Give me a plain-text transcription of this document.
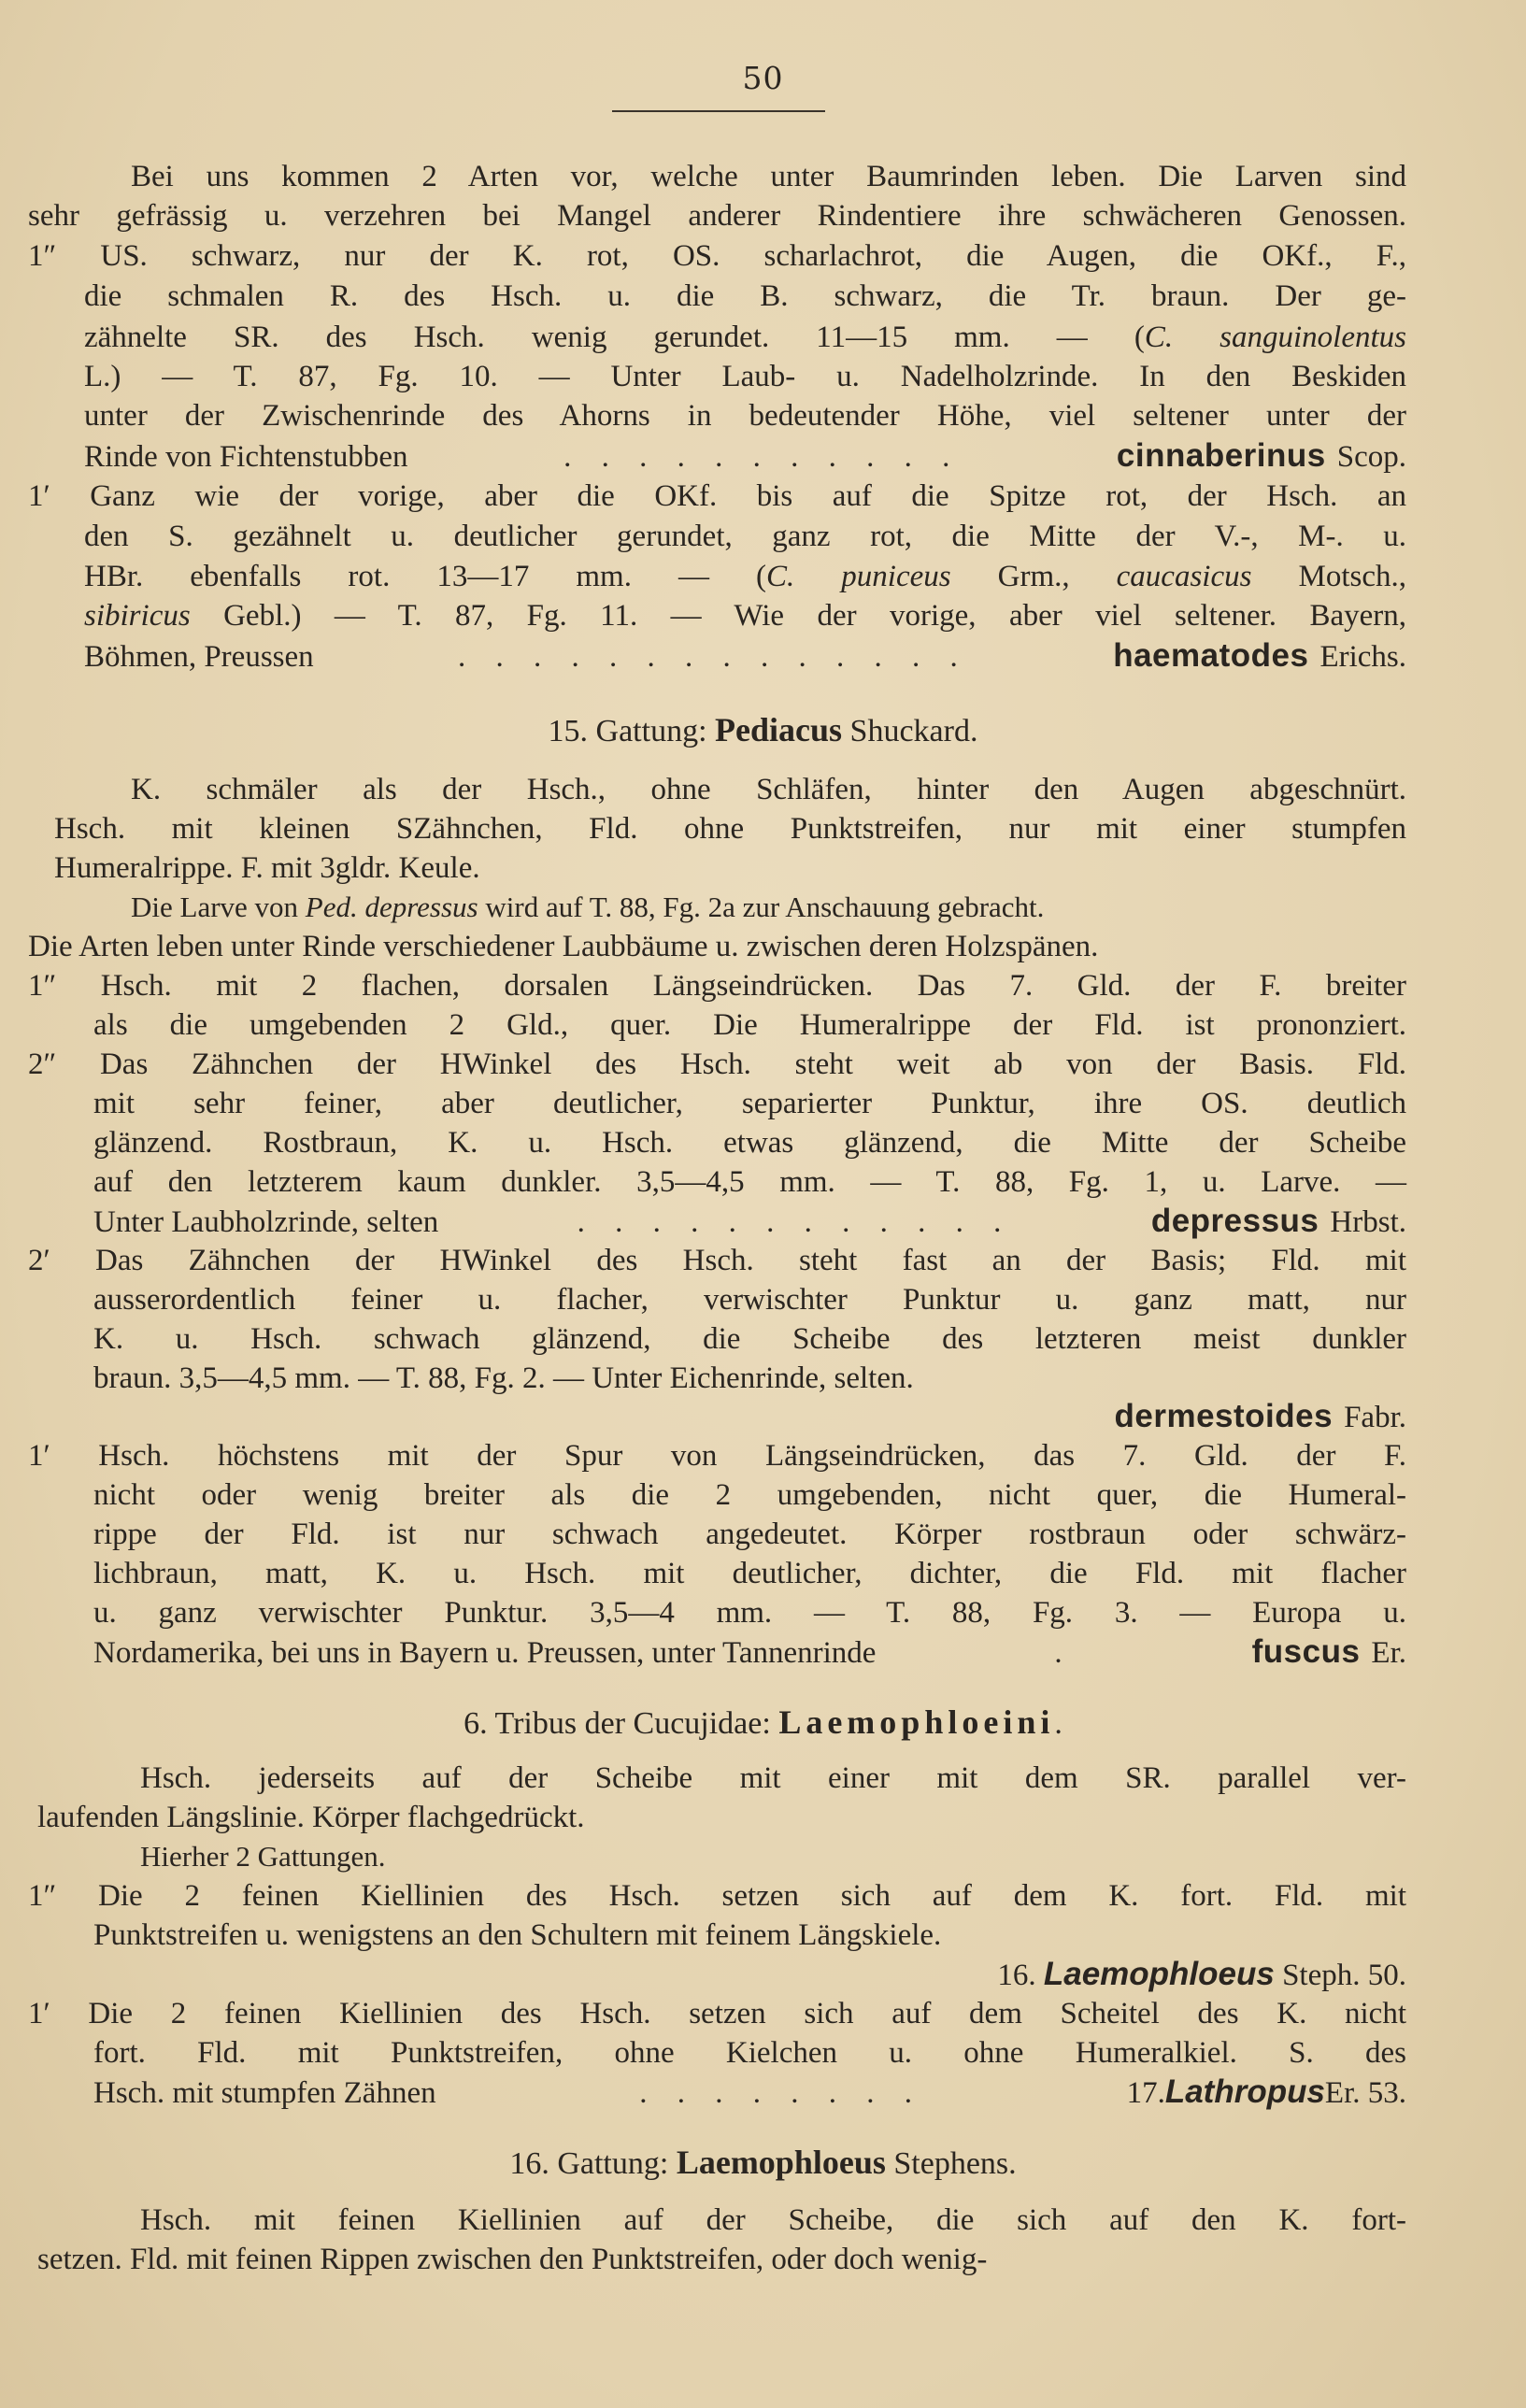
50
Bei uns kommen 2 Arten vor, welche unter Baumrinden leben. Die Larven sind
sehr gefrässig u. verzehren bei Mangel anderer Rindentiere ihre schwächeren Genossen.
1″ US. schwarz, nur der K. rot, OS. scharlachrot, die Augen, die OKf., F.,
die schmalen R. des Hsch. u. die B. schwarz, die Tr. braun. Der ge-
zähnelte SR. des Hsch. wenig gerundet. 11—15 mm. — (C. sanguinolentus
L.) — T. 87, Fg. 10. — Unter Laub- u. Nadelholzrinde. In den Beskiden
unter der Zwischenrinde des Ahorns in bedeutender Höhe, viel seltener unter der
Rinde von Fichtenstubben	. . . . . . . . . . .	cinnaberinus Scop.
1′ Ganz wie der vorige, aber die OKf. bis auf die Spitze rot, der Hsch. an
den S. gezähnelt u. deutlicher gerundet, ganz rot, die Mitte der V.-, M-. u.
HBr. ebenfalls rot. 13—17 mm. — (C. puniceus Grm., caucasicus Motsch.,
sibiricus Gebl.) — T. 87, Fg. 11. — Wie der vorige, aber viel seltener. Bayern,
Böhmen, Preussen	. . . . . . . . . . . . . .	haematodes Erichs.
15. Gattung: Pediacus Shuckard.
K. schmäler als der Hsch., ohne Schläfen, hinter den Augen abgeschnürt.
Hsch. mit kleinen SZähnchen, Fld. ohne Punktstreifen, nur mit einer stumpfen
Humeralrippe. F. mit 3gldr. Keule.
Die Larve von Ped. depressus wird auf T. 88, Fg. 2a zur Anschauung gebracht.
Die Arten leben unter Rinde verschiedener Laubbäume u. zwischen deren Holzspänen.
1″ Hsch. mit 2 flachen, dorsalen Längseindrücken. Das 7. Gld. der F. breiter
als die umgebenden 2 Gld., quer. Die Humeralrippe der Fld. ist prononziert.
2″ Das Zähnchen der HWinkel des Hsch. steht weit ab von der Basis. Fld.
mit sehr feiner, aber deutlicher, separierter Punktur, ihre OS. deutlich
glänzend. Rostbraun, K. u. Hsch. etwas glänzend, die Mitte der Scheibe
auf den letzterem kaum dunkler. 3,5—4,5 mm. — T. 88, Fg. 1, u. Larve. —
Unter Laubholzrinde, selten	. . . . . . . . . . . .	depressus Hrbst.
2′ Das Zähnchen der HWinkel des Hsch. steht fast an der Basis; Fld. mit
ausserordentlich feiner u. flacher, verwischter Punktur u. ganz matt, nur
K. u. Hsch. schwach glänzend, die Scheibe des letzteren meist dunkler
braun. 3,5—4,5 mm. — T. 88, Fg. 2. — Unter Eichenrinde, selten.
dermestoides Fabr.
1′ Hsch. höchstens mit der Spur von Längseindrücken, das 7. Gld. der F.
nicht oder wenig breiter als die 2 umgebenden, nicht quer, die Humeral-
rippe der Fld. ist nur schwach angedeutet. Körper rostbraun oder schwärz-
lichbraun, matt, K. u. Hsch. mit deutlicher, dichter, die Fld. mit flacher
u. ganz verwischter Punktur. 3,5—4 mm. — T. 88, Fg. 3. — Europa u.
Nordamerika, bei uns in Bayern u. Preussen, unter Tannenrinde	.	fuscus Er.
6. Tribus der Cucujidae: Laemophloeini.
Hsch. jederseits auf der Scheibe mit einer mit dem SR. parallel ver-
laufenden Längslinie. Körper flachgedrückt.
Hierher 2 Gattungen.
1″ Die 2 feinen Kiellinien des Hsch. setzen sich auf dem K. fort. Fld. mit
Punktstreifen u. wenigstens an den Schultern mit feinem Längskiele.
16. Laemophloeus Steph. 50.
1′ Die 2 feinen Kiellinien des Hsch. setzen sich auf dem Scheitel des K. nicht
fort. Fld. mit Punktstreifen, ohne Kielchen u. ohne Humeralkiel. S. des
Hsch. mit stumpfen Zähnen	. . . . . . . .	17. Lathropus Er. 53.
16. Gattung: Laemophloeus Stephens.
Hsch. mit feinen Kiellinien auf der Scheibe, die sich auf den K. fort-
setzen. Fld. mit feinen Rippen zwischen den Punktstreifen, oder doch wenig-
